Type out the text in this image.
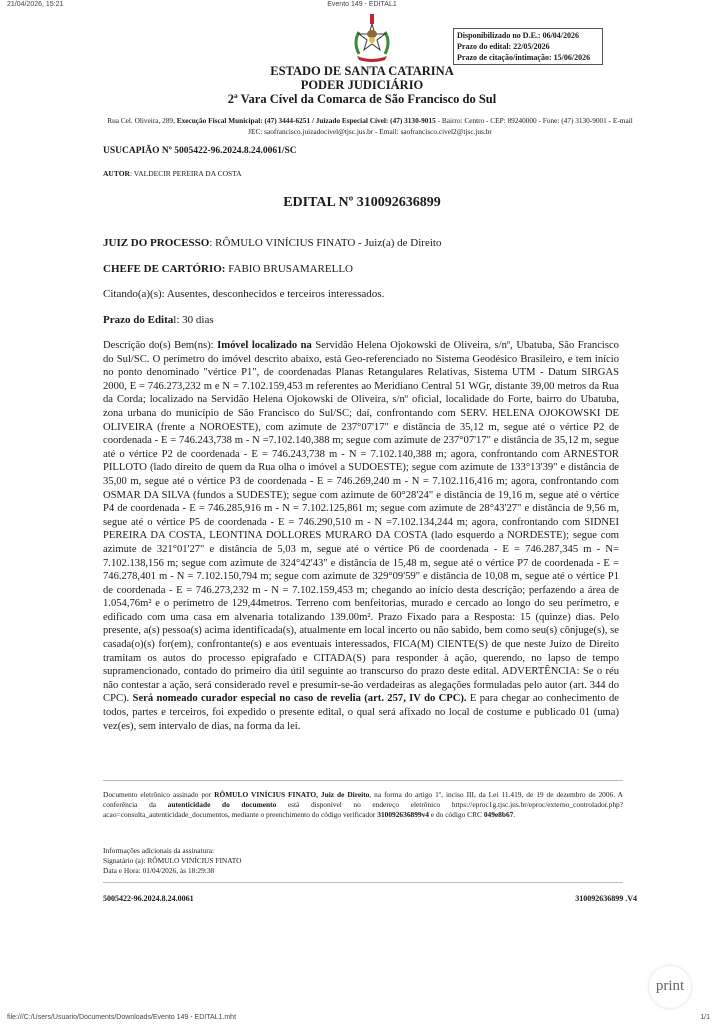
21/04/2026, 15:21	Evento 149 - EDITAL1
Disponibilizado no D.E.: 06/04/2026
Prazo do edital: 22/05/2026
Prazo de citação/intimação: 15/06/2026
ESTADO DE SANTA CATARINA
PODER JUDICIÁRIO
2ª Vara Cível da Comarca de São Francisco do Sul
Rua Cel. Oliveira, 289, Execução Fiscal Municipal: (47) 3444-6251 / Juizado Especial Cível: (47) 3130-9015 - Bairro: Centro - CEP: 89240000 - Fone: (47) 3130-9001 - E-mail JEC: saofrancisco.juizadocivel@tjsc.jus.br - Email: saofrancisco.civel2@tjsc.jus.br
USUCAPIÃO Nº 5005422-96.2024.8.24.0061/SC
AUTOR: VALDECIR PEREIRA DA COSTA
EDITAL Nº 310092636899
JUIZ DO PROCESSO: RÔMULO VINÍCIUS FINATO - Juiz(a) de Direito
CHEFE DE CARTÓRIO: FABIO BRUSAMARELLO
Citando(a)(s): Ausentes, desconhecidos e terceiros interessados.
Prazo do Edital: 30 dias
Descrição do(s) Bem(ns): Imóvel localizado na Servidão Helena Ojokowski de Oliveira, s/nº, Ubatuba, São Francisco do Sul/SC. O perímetro do imóvel descrito abaixo, está Geo-referenciado no Sistema Geodésico Brasileiro, e tem início no ponto denominado "vértice P1", de coordenadas Planas Retangulares Relativas, Sistema UTM - Datum SIRGAS 2000, E = 746.273,232 m e N = 7.102.159,453 m referentes ao Meridiano Central 51 WGr, distante 39,00 metros da Rua da Corda; localizado na Servidão Helena Ojokowski de Oliveira, s/nº oficial, localidade do Forte, bairro do Ubatuba, zona urbana do município de São Francisco do Sul/SC; daí, confrontando com SERV. HELENA OJOKOWSKI DE OLIVEIRA (frente a NOROESTE), com azimute de 237°07'17" e distância de 35,12 m, segue até o vértice P2 de coordenada - E = 746.243,738 m - N =7.102.140,388 m; segue com azimute de 237°07'17" e distância de 35,12 m, segue até o vértice P2 de coordenada - E = 746.243,738 m - N = 7.102.140,388 m; agora, confrontando com ARNESTOR PILLOTO (lado direito de quem da Rua olha o imóvel a SUDOESTE); segue com azimute de 133°13'39" e distância de 35,00 m, segue até o vértice P3 de coordenada - E = 746.269,240 m - N = 7.102.116,416 m; agora, confrontando com OSMAR DA SILVA (fundos a SUDESTE); segue com azimute de 60°28'24" e distância de 19,16 m, segue até o vértice P4 de coordenada - E = 746.285,916 m - N = 7.102.125,861 m; segue com azimute de 28°43'27" e distância de 9,56 m, segue até o vértice P5 de coordenada - E = 746.290,510 m - N =7.102.134,244 m; agora, confrontando com SIDNEI PEREIRA DA COSTA, LEONTINA DOLLORES MURARO DA COSTA (lado esquerdo a NORDESTE); segue com azimute de 321°01'27" e distância de 5,03 m, segue até o vértice P6 de coordenada - E = 746.287,345 m - N= 7.102.138,156 m; segue com azimute de 324°42'43" e distância de 15,48 m, segue até o vértice P7 de coordenada - E = 746.278,401 m - N = 7.102.150,794 m; segue com azimute de 329°09'59" e distância de 10,08 m, segue até o vértice P1 de coordenada - E = 746.273,232 m - N = 7.102.159,453 m; chegando ao início desta descrição; perfazendo a área de 1.054,76m² e o perímetro de 129,44metros. Terreno com benfeitorias, murado e cercado ao longo do seu perímetro, e edificado com uma casa em alvenaria totalizando 139.00m². Prazo Fixado para a Resposta: 15 (quinze) dias. Pelo presente, a(s) pessoa(s) acima identificada(s), atualmente em local incerto ou não sabido, bem como seu(s) cônjuge(s), se casada(o)(s) for(em), confrontante(s) e aos eventuais interessados, FICA(M) CIENTE(S) de que neste Juízo de Direito tramitam os autos do processo epigrafado e CITADA(S) para responder à ação, querendo, no lapso de tempo supramencionado, contado do primeiro dia útil seguinte ao transcurso do prazo deste edital. ADVERTÊNCIA: Se o réu não contestar a ação, será considerado revel e presumir-se-ão verdadeiras as alegações formuladas pelo autor (art. 344 do CPC). Será nomeado curador especial no caso de revelia (art. 257, IV do CPC). E para chegar ao conhecimento de todos, partes e terceiros, foi expedido o presente edital, o qual será afixado no local de costume e publicado 01 (uma) vez(es), sem intervalo de dias, na forma da lei.
Documento eletrônico assinado por RÔMULO VINÍCIUS FINATO, Juiz de Direito, na forma do artigo 1º, inciso III, da Lei 11.419, de 19 de dezembro de 2006. A conferência da autenticidade do documento está disponível no endereço eletrônico https://eproc1g.tjsc.jus.br/eproc/externo_controlador.php?acao=consulta_autenticidade_documentos, mediante o preenchimento do código verificador 310092636899v4 e do código CRC 049e8b67.
Informações adicionais da assinatura:
Signatário (a): RÔMULO VINÍCIUS FINATO
Data e Hora: 01/04/2026, às 18:29:38
5005422-96.2024.8.24.0061	310092636899 .V4
print
file:///C:/Users/Usuario/Documents/Downloads/Evento 149 - EDITAL1.mht	1/1
